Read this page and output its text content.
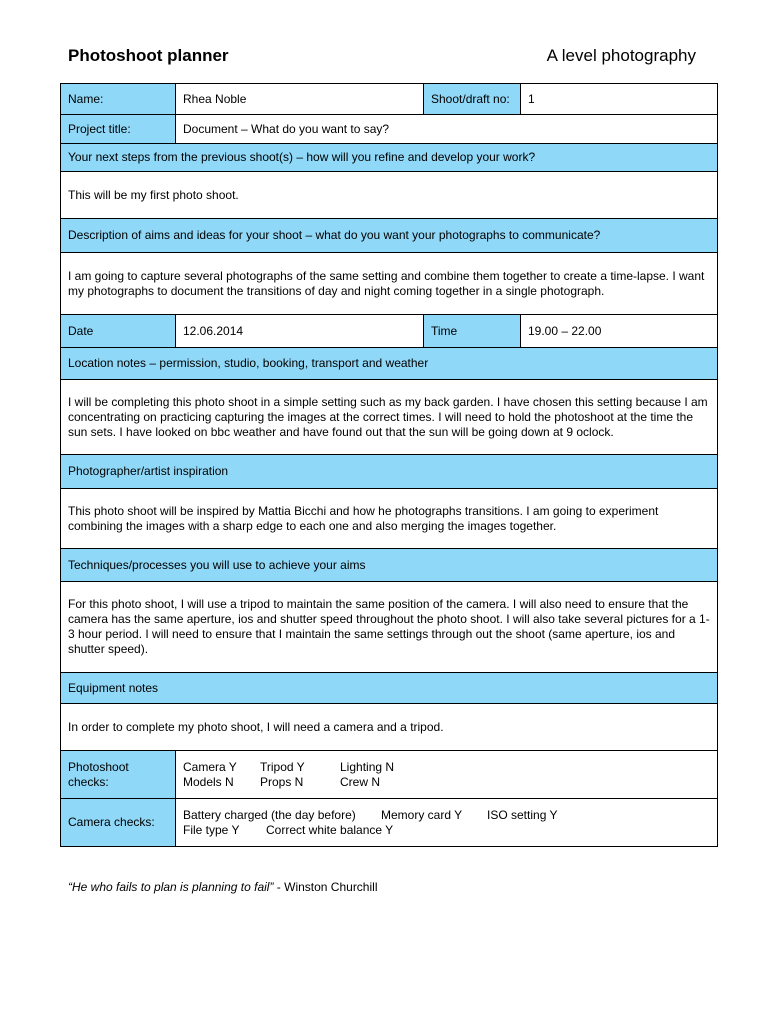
Photoshoot planner	A level photography
Name:	Rhea Noble	Shoot/draft no:	1
Project title:	Document – What do you want to say?		
Your next steps from the previous shoot(s) – how will you refine and develop your work?			
This will be my first photo shoot.			
Description of aims and ideas for your shoot – what do you want your photographs to communicate?			
I am going to capture several photographs of the same setting and combine them together to create a time-lapse. I want my photographs to document the transitions of day and night coming together in a single photograph.			
Date	12.06.2014	Time	19.00 – 22.00
Location notes – permission, studio, booking, transport and weather			
I will be completing this photo shoot in a simple setting such as my back garden. I have chosen this setting because I am concentrating on practicing capturing the images at the correct times. I will need to hold the photoshoot at the time the sun sets. I have looked on bbc weather and have found out that the sun will be going down at 9 oclock.			
Photographer/artist inspiration			
This photo shoot will be inspired by Mattia Bicchi and how he photographs transitions. I am going to experiment combining the images with a sharp edge to each one and also merging the images together.			
Techniques/processes you will use to achieve your aims			
For this photo shoot, I will use a tripod to maintain the same position of the camera. I will also need to ensure that the camera has the same aperture, ios and shutter speed throughout the photo shoot. I will also take several pictures for a 1-3 hour period. I will need to ensure that I maintain the same settings through out the shoot (same aperture, ios and shutter speed).			
Equipment notes			
In order to complete my photo shoot, I will need a camera and a tripod.			
Photoshoot checks:	Camera Y Tripod Y Lighting N
Models N Props N Crew N		

Camera checks:	Battery charged (the day before) Memory card Y ISO setting Y
File type Y Correct white balance Y		
“He who fails to plan is planning to fail” - Winston Churchill
